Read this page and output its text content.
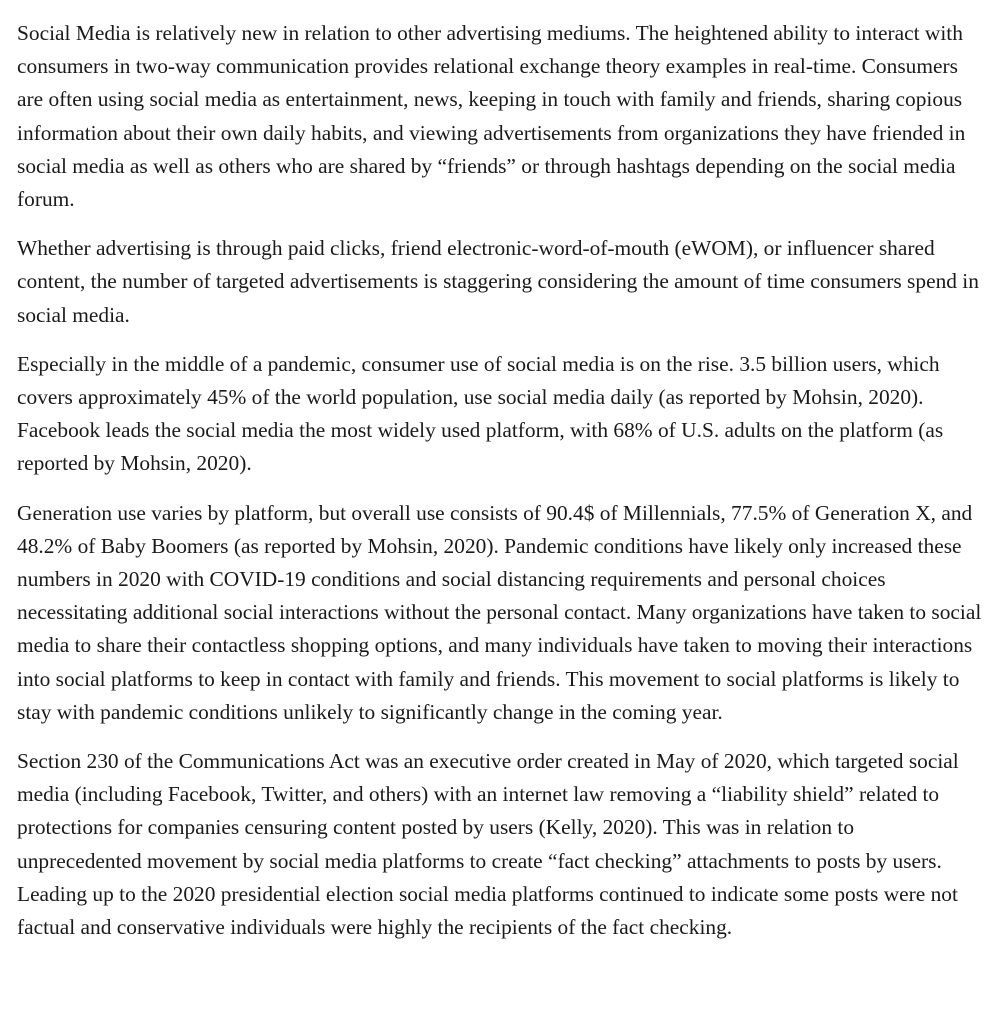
Social Media is relatively new in relation to other advertising mediums. The heightened ability to interact with consumers in two-way communication provides relational exchange theory examples in real-time. Consumers are often using social media as entertainment, news, keeping in touch with family and friends, sharing copious information about their own daily habits, and viewing advertisements from organizations they have friended in social media as well as others who are shared by “friends” or through hashtags depending on the social media forum.

Whether advertising is through paid clicks, friend electronic-word-of-mouth (eWOM), or influencer shared content, the number of targeted advertisements is staggering considering the amount of time consumers spend in social media.

Especially in the middle of a pandemic, consumer use of social media is on the rise. 3.5 billion users, which covers approximately 45% of the world population, use social media daily (as reported by Mohsin, 2020). Facebook leads the social media the most widely used platform, with 68% of U.S. adults on the platform (as reported by Mohsin, 2020).

Generation use varies by platform, but overall use consists of 90.4$ of Millennials, 77.5% of Generation X, and 48.2% of Baby Boomers (as reported by Mohsin, 2020). Pandemic conditions have likely only increased these numbers in 2020 with COVID-19 conditions and social distancing requirements and personal choices necessitating additional social interactions without the personal contact. Many organizations have taken to social media to share their contactless shopping options, and many individuals have taken to moving their interactions into social platforms to keep in contact with family and friends. This movement to social platforms is likely to stay with pandemic conditions unlikely to significantly change in the coming year.

Section 230 of the Communications Act was an executive order created in May of 2020, which targeted social media (including Facebook, Twitter, and others) with an internet law removing a “liability shield” related to protections for companies censuring content posted by users (Kelly, 2020). This was in relation to unprecedented movement by social media platforms to create “fact checking” attachments to posts by users. Leading up to the 2020 presidential election social media platforms continued to indicate some posts were not factual and conservative individuals were highly the recipients of the fact checking.
